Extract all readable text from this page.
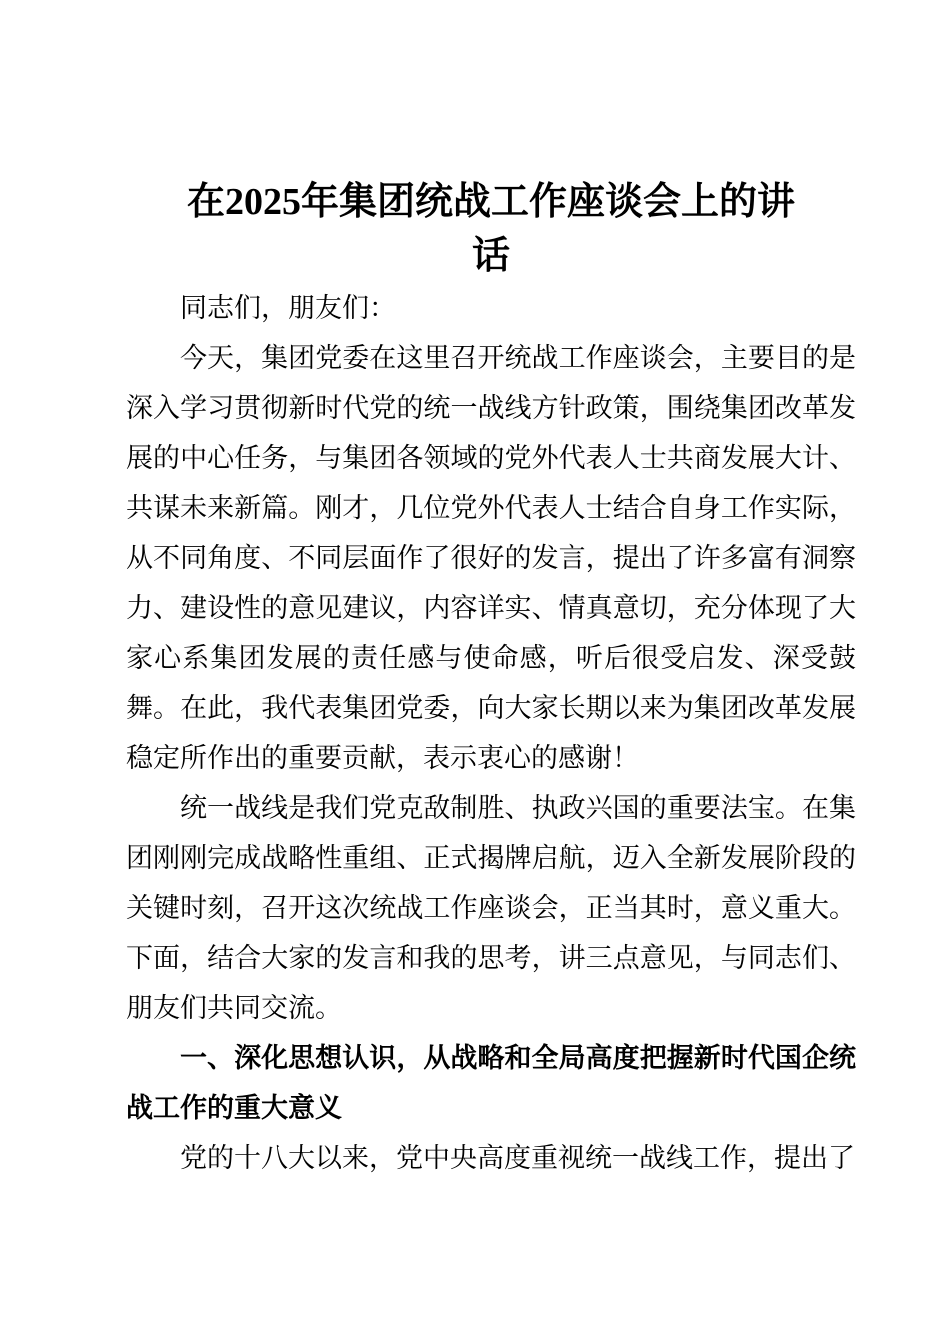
在2025年集团统战工作座谈会上的讲话

同志们，朋友们：

今天，集团党委在这里召开统战工作座谈会，主要目的是深入学习贯彻新时代党的统一战线方针政策，围绕集团改革发展的中心任务，与集团各领域的党外代表人士共商发展大计、共谋未来新篇。刚才，几位党外代表人士结合自身工作实际，从不同角度、不同层面作了很好的发言，提出了许多富有洞察力、建设性的意见建议，内容详实、情真意切，充分体现了大家心系集团发展的责任感与使命感，听后很受启发、深受鼓舞。在此，我代表集团党委，向大家长期以来为集团改革发展稳定所作出的重要贡献，表示衷心的感谢！

统一战线是我们党克敌制胜、执政兴国的重要法宝。在集团刚刚完成战略性重组、正式揭牌启航，迈入全新发展阶段的关键时刻，召开这次统战工作座谈会，正当其时，意义重大。下面，结合大家的发言和我的思考，讲三点意见，与同志们、朋友们共同交流。

一、深化思想认识，从战略和全局高度把握新时代国企统战工作的重大意义

党的十八大以来，党中央高度重视统一战线工作，提出了
